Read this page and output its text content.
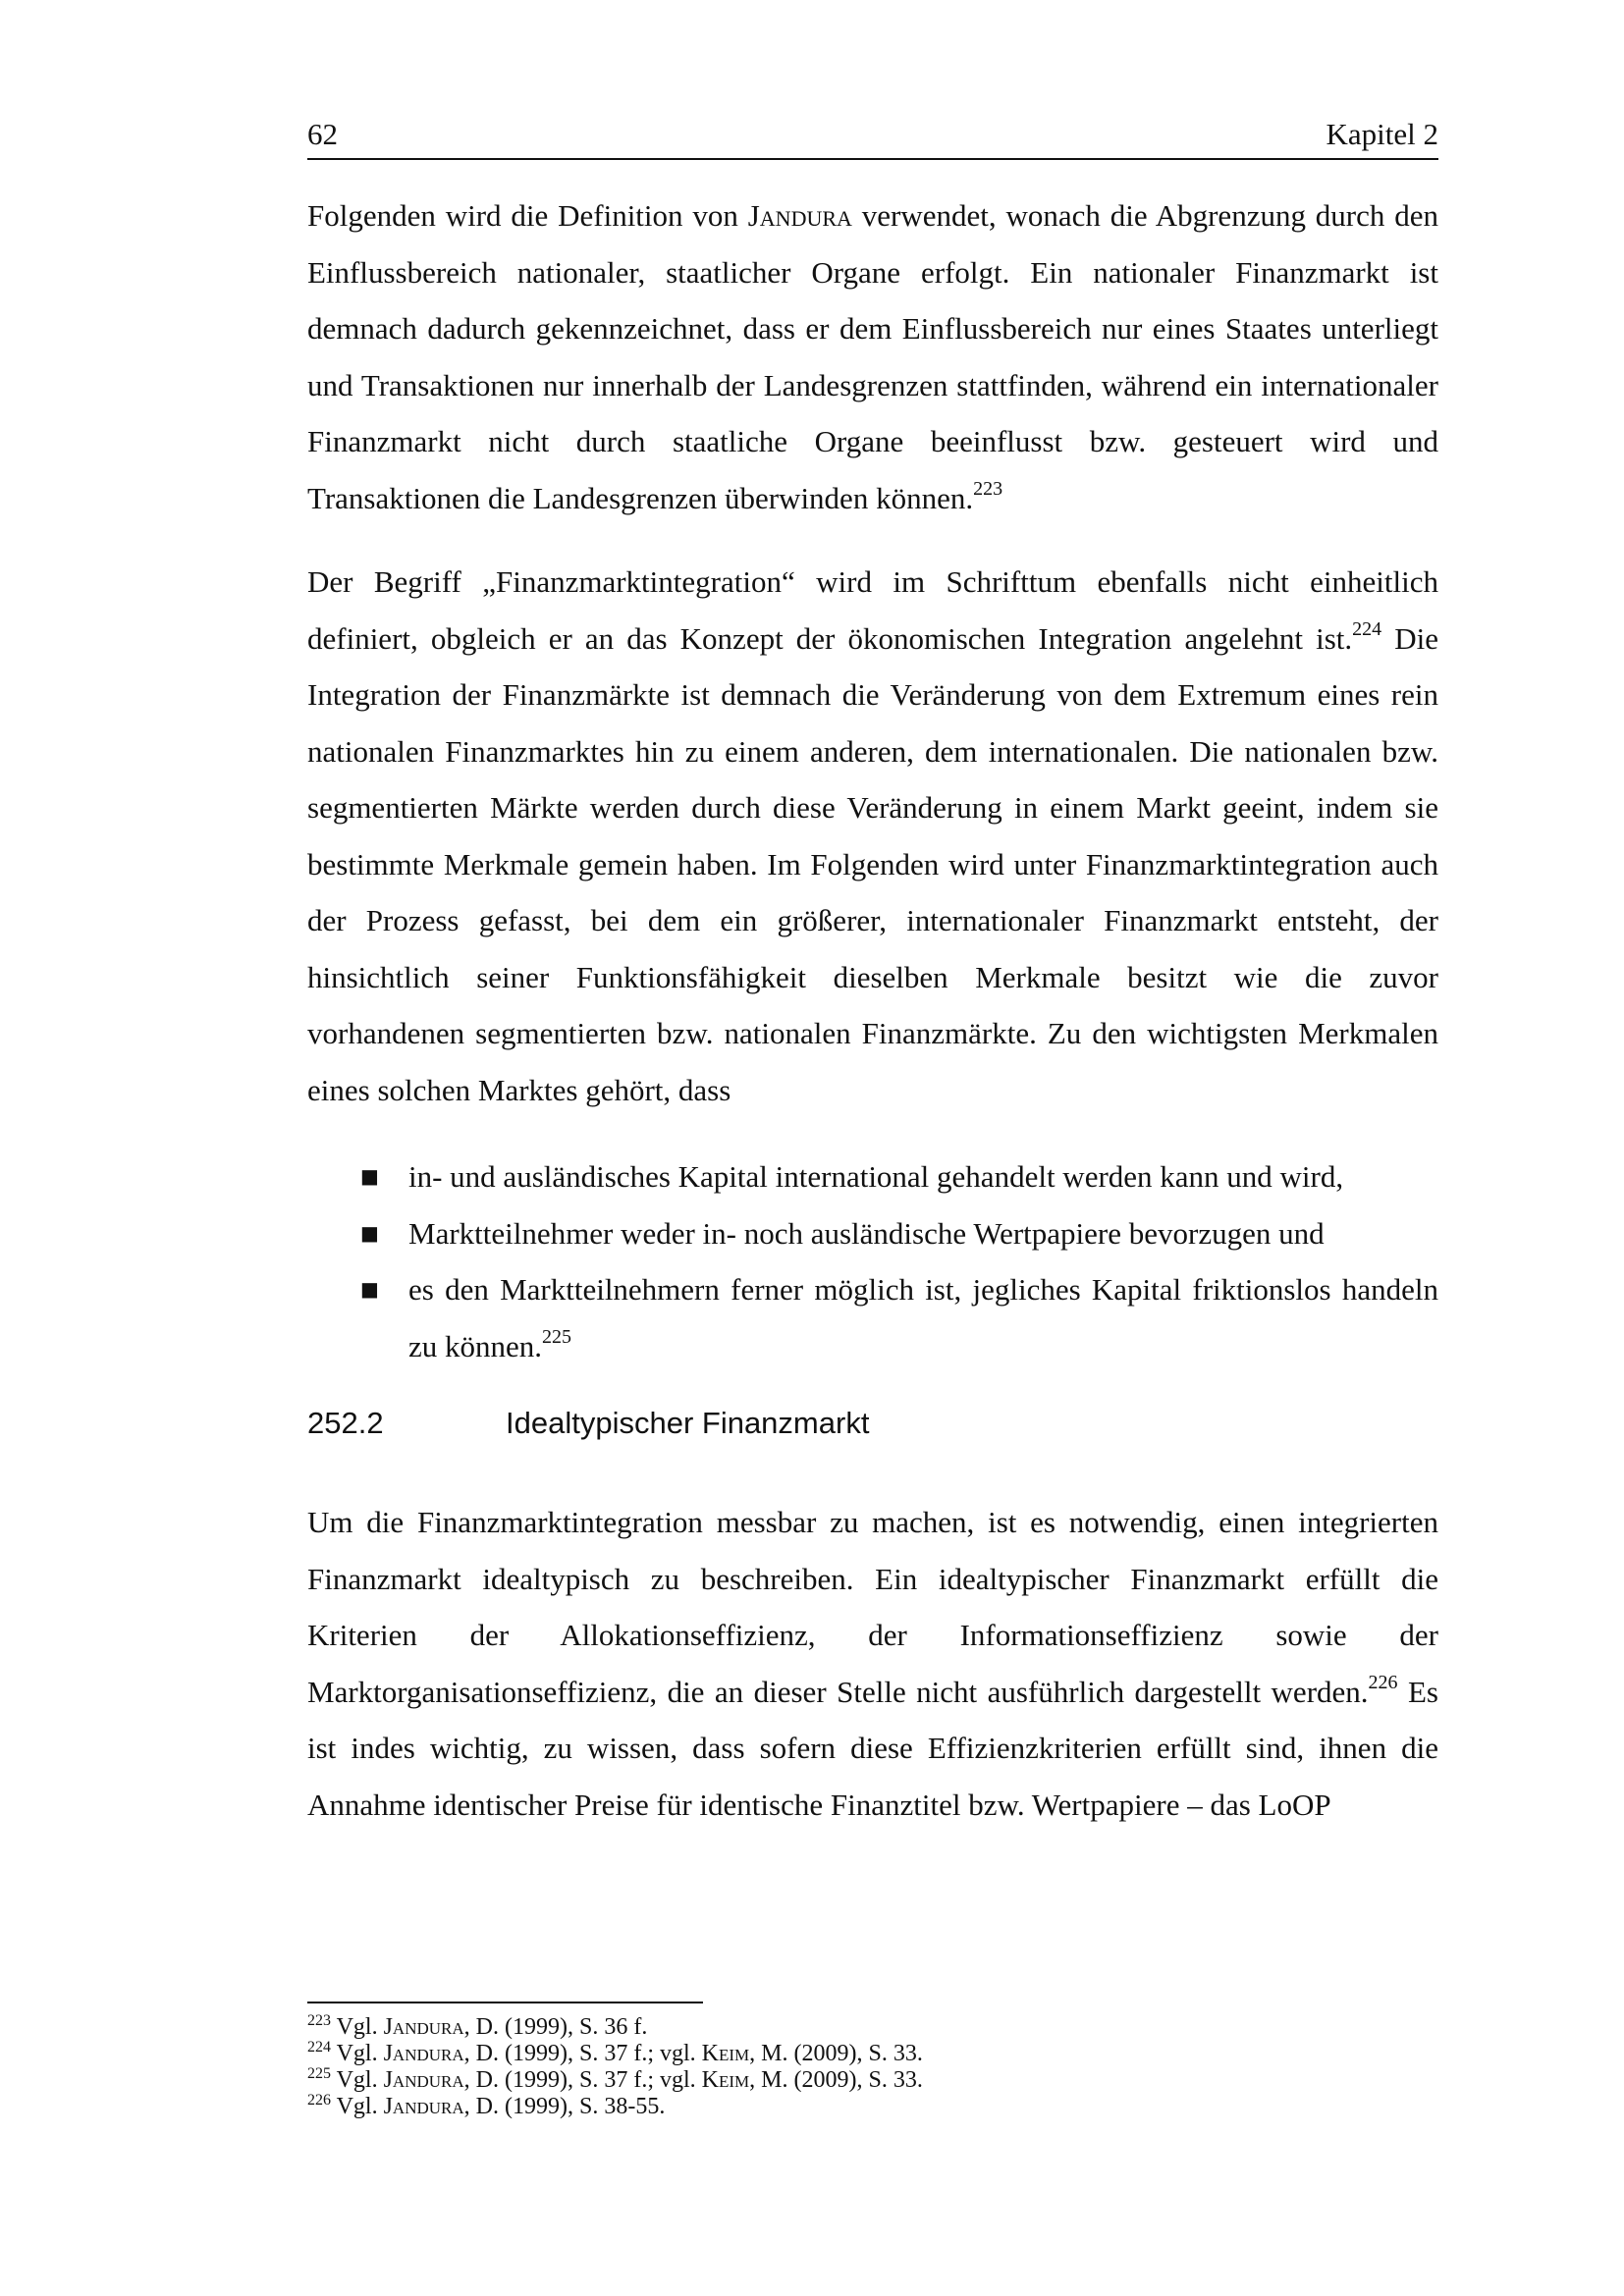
62	Kapitel 2

Folgenden wird die Definition von Jandura verwendet, wonach die Abgrenzung durch den Einflussbereich nationaler, staatlicher Organe erfolgt. Ein nationaler Finanzmarkt ist demnach dadurch gekennzeichnet, dass er dem Einflussbereich nur eines Staates unterliegt und Transaktionen nur innerhalb der Landesgrenzen stattfinden, während ein internationaler Finanzmarkt nicht durch staatliche Organe beeinflusst bzw. gesteuert wird und Transaktionen die Landesgrenzen überwinden können.$^{223}$

Der Begriff „Finanzmarktintegration“ wird im Schrifttum ebenfalls nicht einheitlich definiert, obgleich er an das Konzept der ökonomischen Integration angelehnt ist.$^{224}$ Die Integration der Finanzmärkte ist demnach die Veränderung von dem Extremum eines rein nationalen Finanzmarktes hin zu einem anderen, dem internationalen. Die nationalen bzw. segmentierten Märkte werden durch diese Veränderung in einem Markt geeint, indem sie bestimmte Merkmale gemein haben. Im Folgenden wird unter Finanzmarktintegration auch der Prozess gefasst, bei dem ein größerer, internationaler Finanzmarkt entsteht, der hinsichtlich seiner Funktionsfähigkeit dieselben Merkmale besitzt wie die zuvor vorhandenen segmentierten bzw. nationalen Finanzmärkte. Zu den wichtigsten Merkmalen eines solchen Marktes gehört, dass

■ in- und ausländisches Kapital international gehandelt werden kann und wird,
■ Marktteilnehmer weder in- noch ausländische Wertpapiere bevorzugen und
■ es den Marktteilnehmern ferner möglich ist, jegliches Kapital friktionslos handeln zu können.$^{225}$
252.2	Idealtypischer Finanzmarkt

Um die Finanzmarktintegration messbar zu machen, ist es notwendig, einen integrierten Finanzmarkt idealtypisch zu beschreiben. Ein idealtypischer Finanzmarkt erfüllt die Kriterien der Allokationseffizienz, der Informationseffizienz sowie der Marktorganisationseffizienz, die an dieser Stelle nicht ausführlich dargestellt werden.$^{226}$ Es ist indes wichtig, zu wissen, dass sofern diese Effizienzkriterien erfüllt sind, ihnen die Annahme identischer Preise für identische Finanztitel bzw. Wertpapiere – das LoOP

$^{223}$ Vgl. Jandura, D. (1999), S. 36 f.
$^{224}$ Vgl. Jandura, D. (1999), S. 37 f.; vgl. Keim, M. (2009), S. 33.
$^{225}$ Vgl. Jandura, D. (1999), S. 37 f.; vgl. Keim, M. (2009), S. 33.
$^{226}$ Vgl. Jandura, D. (1999), S. 38-55.
